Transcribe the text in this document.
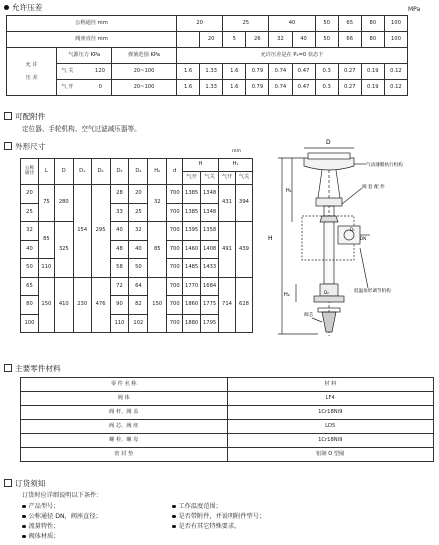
允许压差	MPa
公称通径 mm			20		25		40		50	65	80	100
阀座直径 mm				20	5	26	32	40	50	66	80	100
允 许
压 差	气源压力 KPa	弹簧范围 KPa	允许压差是在 P₂=0 状态下									
	气 关 120	20~100	1.6	1.33	1.6	0.79	0.74	0.47	0.3	0.27	0.19	0.12
	气 开 0	20~100	1.6	1.33	1.6	0.79	0.74	0.47	0.3	0.27	0.19	0.12
可配附件
定位器、手轮机构、空气过滤减压器等。
外形尺寸
mm
公称
通径	L	D	D₁	D₂	D₃	D₄	H₂	d	H		H₁	
									气开	气关	气开	气关
20	75	280	154	295	28	20	32	700	1385	1348	431	394
25					33	25		700	1385	1348		
32	85	325			40	32	85	700	1395	1358	491	439
40					48	40		700	1460	1408		
50	110				58	50		700	1485	1433		
65	150	410	230	476	72	64	150	700	1770	1684	714	628
80					90	82		700	1860	1775		
100					110	102		700	1880	1795		
D
H
H₁
H₂
气动薄膜执行机构
阀 套 配 件
低温角形调节机构
阀芯
D₁
D₂
DN
主要零件材料
零 件 名 称	材 料
阀 体	LF4
阀 杆、阀 盖	1Cr18Ni9
阀 芯、阀 座	LD5
螺 栓、螺 母	1Cr18Ni9
密 封 垫	铝制 O 型圈
订货须知
订货时应详细说明以下条件：
产品型号；
公称通径 DN，阀座直径；
流量特性；
阀体材质；
工作温度范围；
是否带附件，并说明附件型号；
是否有其它特殊要求。
